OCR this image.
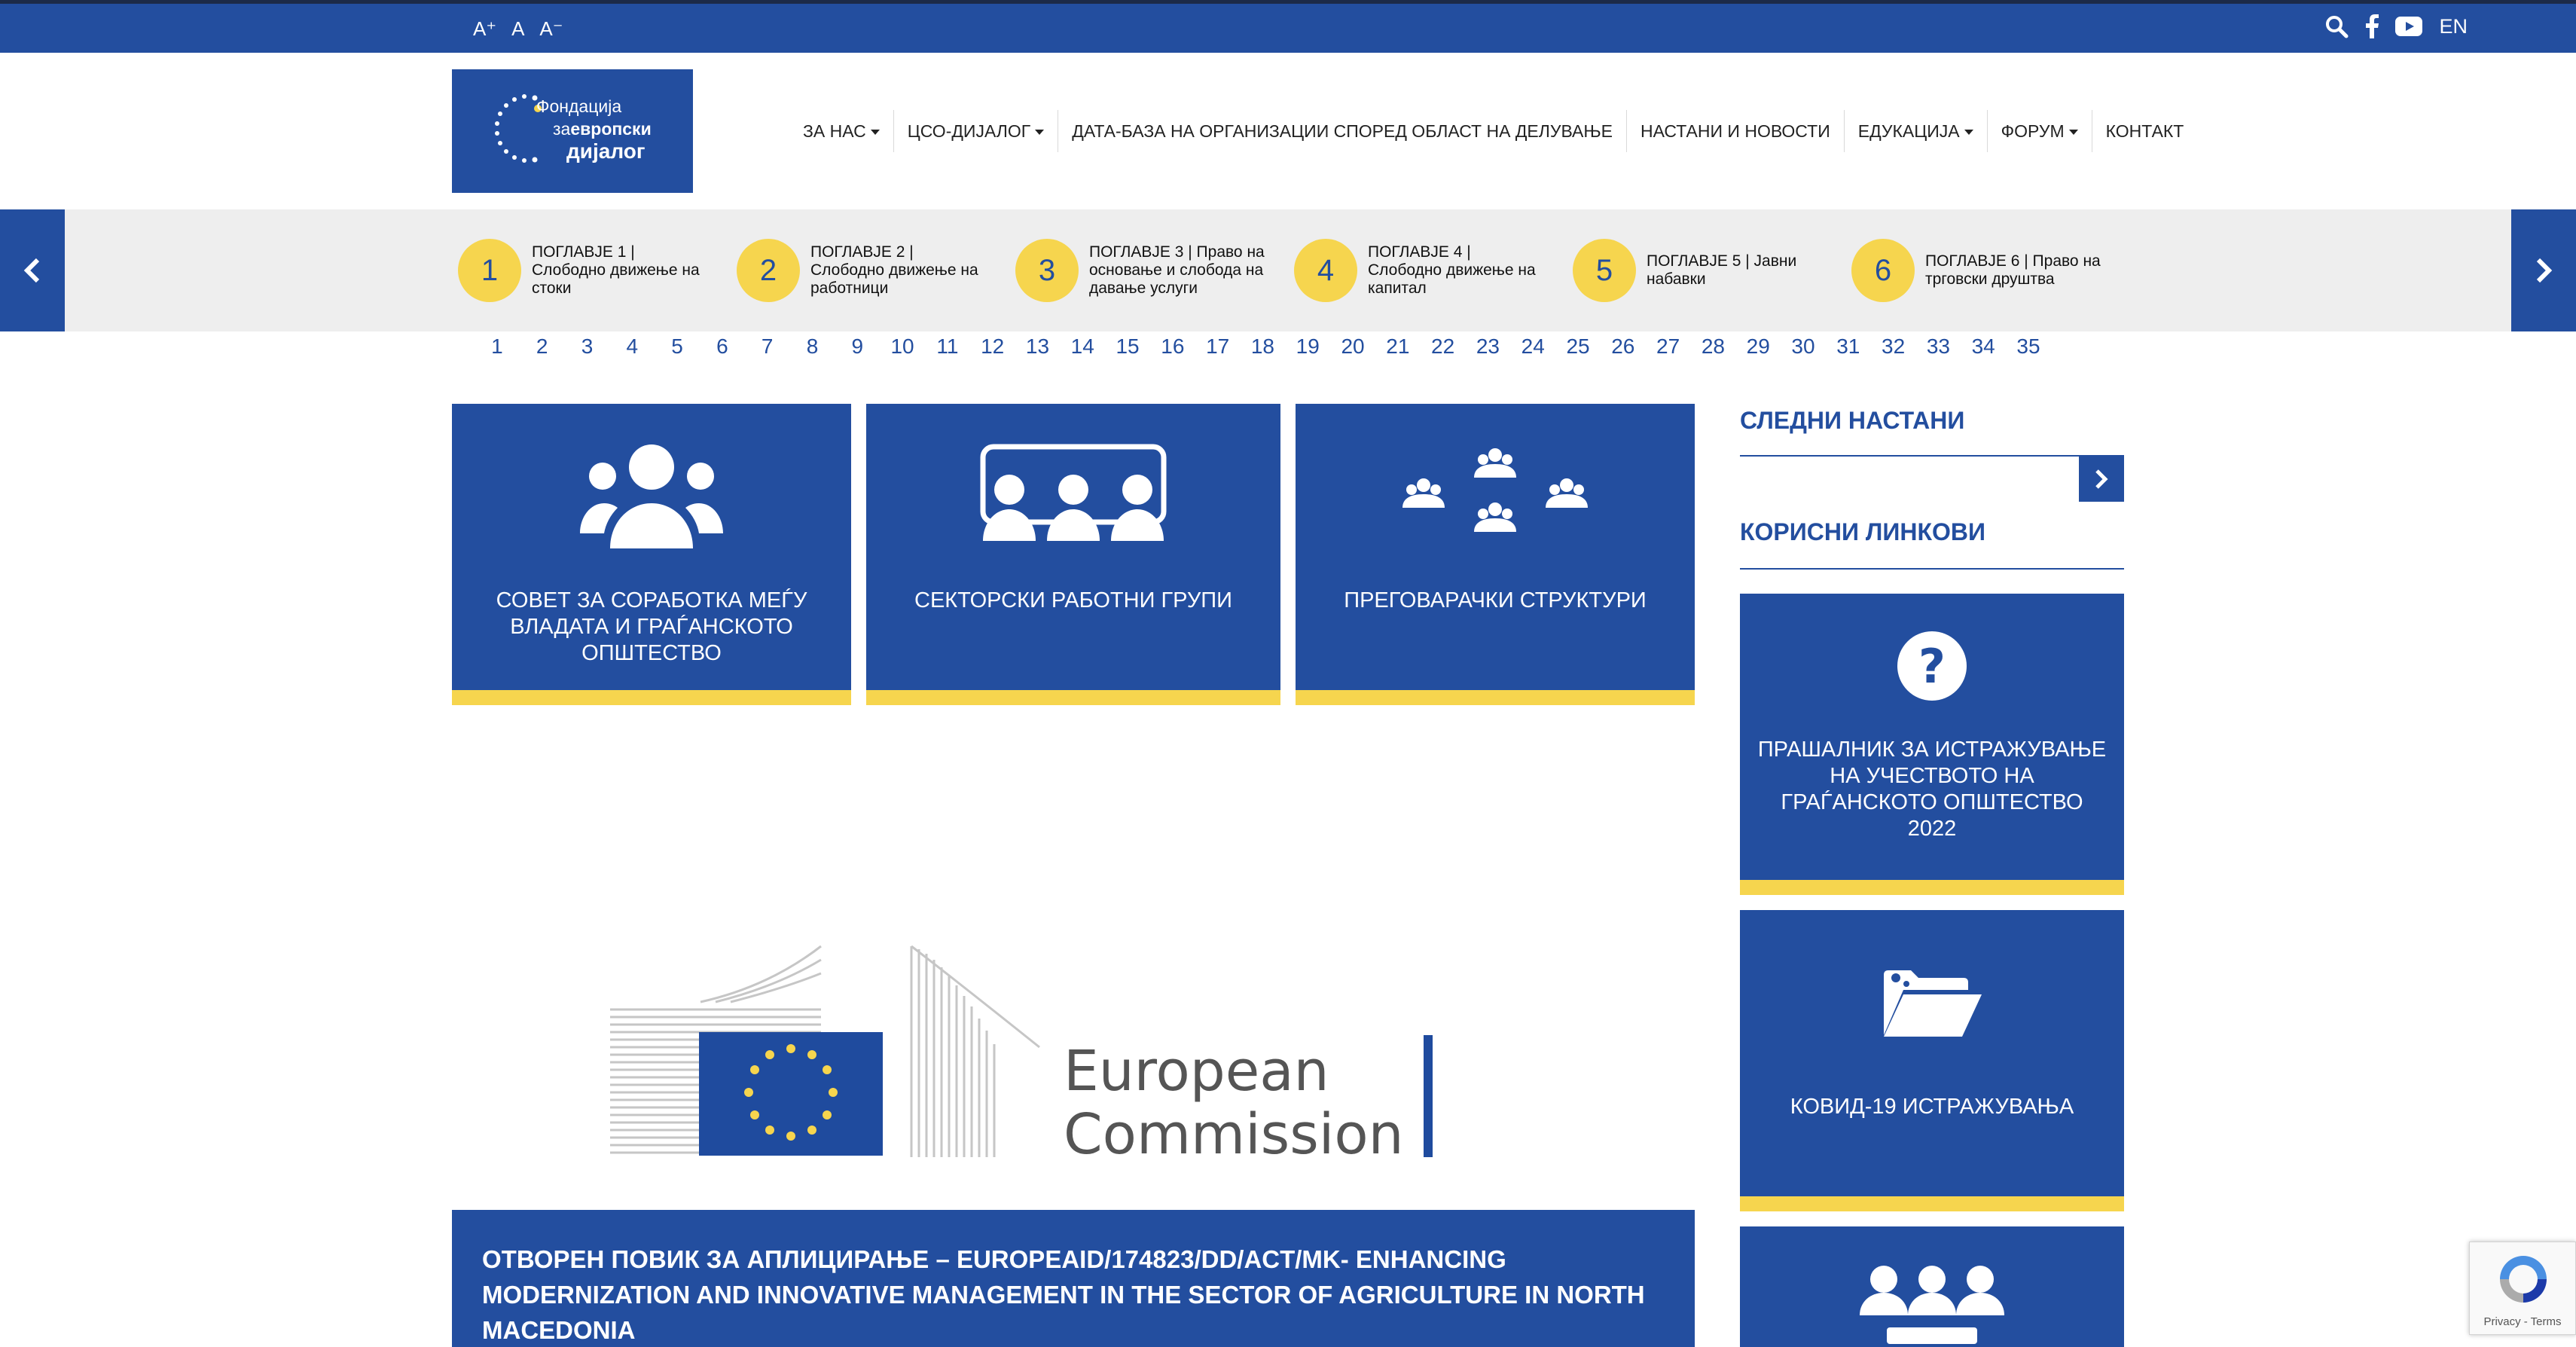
A⁺ A A⁻	EN
Фондација
заевропски
дијалог
ЗА НАС	ЦСО-ДИЈАЛОГ	ДАТА-БАЗА НА ОРГАНИЗАЦИИ СПОРЕД ОБЛАСТ НА ДЕЛУВАЊЕ	НАСТАНИ И НОВОСТИ	ЕДУКАЦИЈА	ФОРУМ	КОНТАКТ
1
ПОГЛАВЈЕ 1 | Слободно движење на стоки
2
ПОГЛАВЈЕ 2 | Слободно движење на работници
3
ПОГЛАВЈЕ 3 | Право на основање и слобода на давање услуги
4
ПОГЛАВЈЕ 4 | Слободно движење на капитал
5	ПОГЛАВЈЕ 5 | Јавни набавки	6	ПОГЛАВЈЕ 6 | Право на трговски друштва
1	2	3	4	5	6	7	8	9	10	11	12	13	14	15	16	17	18	19	20	21	22	23	24	25	26	27	28	29	30	31	32	33	34	35
СОВЕТ ЗА СОРАБОТКА МЕЃУ ВЛАДАТА И ГРАЃАНСКОТО ОПШТЕСТВО
СЕКТОРСКИ РАБОТНИ ГРУПИ	ПРЕГОВАРАЧКИ СТРУКТУРИ
European
Commission
ОТВОРЕН ПОВИК ЗА АПЛИЦИРАЊЕ – EUROPEAID/174823/DD/ACT/MK- ENHANCING MODERNIZATION AND INNOVATIVE MANAGEMENT IN THE SECTOR OF AGRICULTURE IN NORTH MACEDONIA
СЛЕДНИ НАСТАНИ
КОРИСНИ ЛИНКОВИ
?
ПРАШАЛНИК ЗА ИСТРАЖУВАЊЕ НА УЧЕСТВОТО НА ГРАЃАНСКОТО ОПШТЕСТВО 2022
КОВИД-19 ИСТРАЖУВАЊА
Privacy - Terms
